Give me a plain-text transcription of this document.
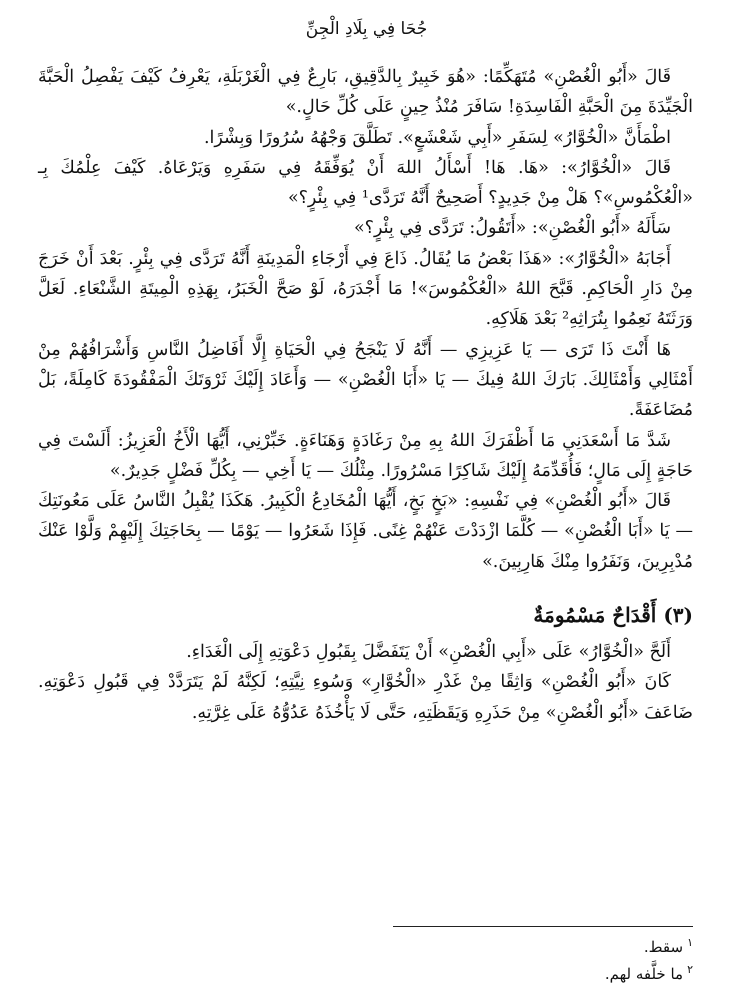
جُحَا فِي بِلَادِ الْجِنِّ

قَالَ «أَبُو الْغُصْنِ» مُتَهَكِّمًا: «هُوَ خَبِيرٌ بِالدَّقِيقِ، بَارِعٌ فِي الْغَرْبَلَةِ، يَعْرِفُ كَيْفَ يَفْصِلُ الْحَبَّةَ الْجَيِّدَةَ مِنَ الْحَبَّةِ الْفَاسِدَةِ! سَافَرَ مُنْذُ حِينٍ عَلَى كُلِّ حَالٍ.»

اطْمَأَنَّ «الْخُوَّارُ» لِسَفَرِ «أَبِي شَعْشَعٍ». تَطَلَّقَ وَجْهُهُ سُرُورًا وَبِشْرًا.

قَالَ «الْخُوَّارُ»: «هَا. هَا! أَسْأَلُ اللهَ أَنْ يُوَفِّقَهُ فِي سَفَرِهِ وَيَرْعَاهُ. كَيْفَ عِلْمُكَ بِـ «الْعُكْمُوسِ»؟ هَلْ مِنْ جَدِيدٍ؟ أَصَحِيحٌ أَنَّهُ تَرَدَّى¹ فِي بِئْرٍ؟»

سَأَلَهُ «أَبُو الْغُصْنِ»: «أَتَقُولُ: تَرَدَّى فِي بِئْرٍ؟»

أَجَابَهُ «الْخُوَّارُ»: «هَذَا بَعْضُ مَا يُقَالُ. ذَاعَ فِي أَرْجَاءِ الْمَدِينَةِ أَنَّهُ تَرَدَّى فِي بِئْرٍ. بَعْدَ أَنْ خَرَجَ مِنْ دَارِ الْحَاكِمِ. قَبَّحَ اللهُ «الْعُكْمُوسَ»! مَا أَجْدَرَهُ، لَوْ صَحَّ الْخَبَرُ، بِهَذِهِ الْمِيتَةِ الشَّنْعَاءِ. لَعَلَّ وَرَثَتَهُ نَعِمُوا بِتُرَاثِهِ² بَعْدَ هَلَاكِهِ.

هَا أَنْتَ ذَا تَرَى — يَا عَزِيزِي — أَنَّهُ لَا يَنْجَحُ فِي الْحَيَاةِ إِلَّا أَفَاضِلُ النَّاسِ وَأَشْرَافُهُمْ مِنْ أَمْثَالِي وَأَمْثَالِكَ. بَارَكَ اللهُ فِيكَ — يَا «أَبَا الْغُصْنِ» — وَأَعَادَ إِلَيْكَ ثَرْوَتَكَ الْمَفْقُودَةَ كَامِلَةً، بَلْ مُضَاعَفَةً.

شَدَّ مَا أَسْعَدَنِي مَا أَظْفَرَكَ اللهُ بِهِ مِنْ رَغَادَةٍ وَهَنَاءَةٍ. خَبِّرْنِي، أَيُّهَا الْأَخُ الْعَزِيزُ: أَلَسْتَ فِي حَاجَةٍ إِلَى مَالٍ؛ فَأُقَدِّمَهُ إِلَيْكَ شَاكِرًا مَسْرُورًا. مِثْلُكَ — يَا أَخِي — بِكُلِّ فَضْلٍ جَدِيرٌ.»

قَالَ «أَبُو الْغُصْنِ» فِي نَفْسِهِ: «بَخٍ بَخٍ، أَيُّهَا الْمُخَادِعُ الْكَبِيرُ. هَكَذَا يُقْبِلُ النَّاسُ عَلَى مَعُونَتِكَ — يَا «أَبَا الْغُصْنِ» — كُلَّمَا ازْدَدْتَ عَنْهُمْ غِنًى. فَإِذَا شَعَرُوا — يَوْمًا — بِحَاجَتِكَ إِلَيْهِمْ وَلَّوْا عَنْكَ مُدْبِرِينَ، وَنَفَرُوا مِنْكَ هَارِبِينَ.»

(٣) أَقْدَاحٌ مَسْمُومَةٌ

أَلَحَّ «الْخُوَّارُ» عَلَى «أَبِي الْغُصْنِ» أَنْ يَتَفَضَّلَ بِقَبُولِ دَعْوَتِهِ إِلَى الْغَدَاءِ.

كَانَ «أَبُو الْغُصْنِ» وَاثِقًا مِنْ غَدْرِ «الْخُوَّارِ» وَسُوءِ نِيَّتِهِ؛ لَكِنَّهُ لَمْ يَتَرَدَّدْ فِي قَبُولِ دَعْوَتِهِ. ضَاعَفَ «أَبُو الْغُصْنِ» مِنْ حَذَرِهِ وَيَقَظَتِهِ، حَتَّى لَا يَأْخُذَهُ عَدُوُّهُ عَلَى غِرَّتِهِ.

$^١$سقط.

$^٢$ما خلَّفه لهم.
